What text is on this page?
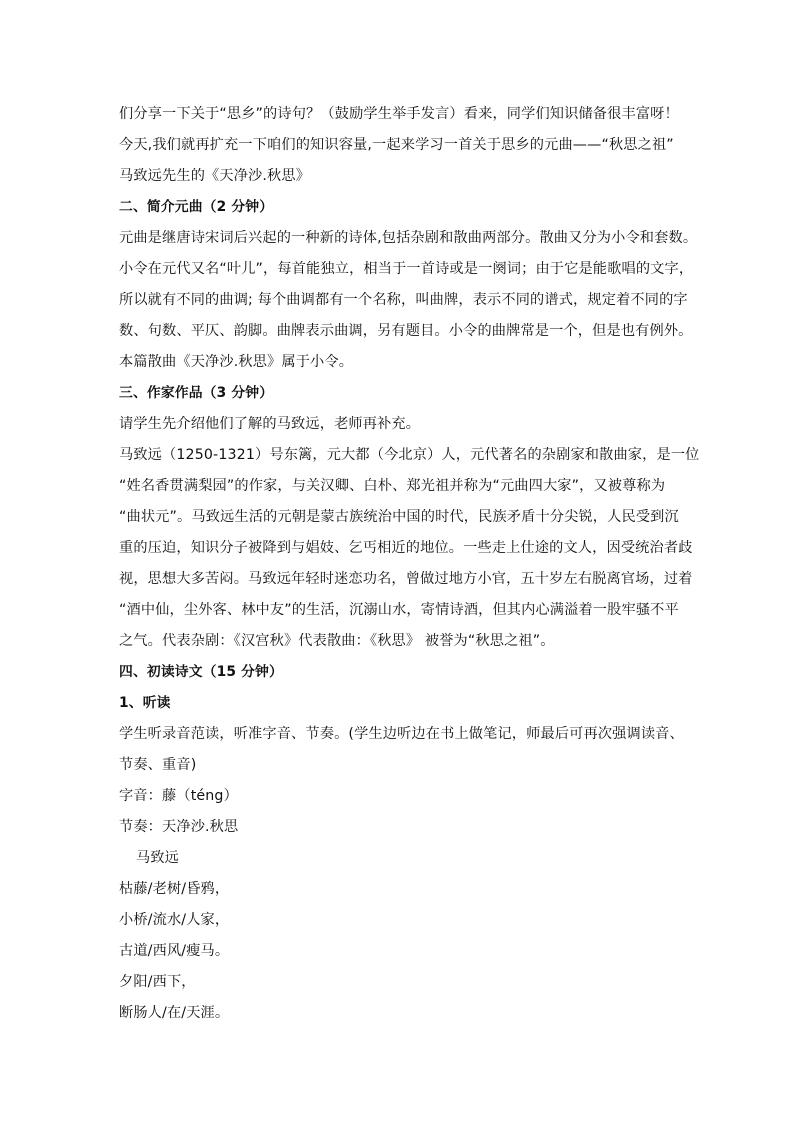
们分享一下关于“思乡”的诗句？（鼓励学生举手发言）看来，同学们知识储备很丰富呀！
今天,我们就再扩充一下咱们的知识容量,一起来学习一首关于思乡的元曲——“秋思之祖”
马致远先生的《天净沙.秋思》
二、简介元曲（2 分钟）
元曲是继唐诗宋词后兴起的一种新的诗体,包括杂剧和散曲两部分。散曲又分为小令和套数。
小令在元代又名“叶儿”，每首能独立，相当于一首诗或是一阕词；由于它是能歌唱的文字，
所以就有不同的曲调; 每个曲调都有一个名称，叫曲牌，表示不同的谱式，规定着不同的字
数、句数、平仄、韵脚。曲牌表示曲调，另有题目。小令的曲牌常是一个，但是也有例外。
本篇散曲《天净沙.秋思》属于小令。
三、作家作品（3 分钟）
请学生先介绍他们了解的马致远，老师再补充。
马致远（1250-1321）号东篱，元大都（今北京）人，元代著名的杂剧家和散曲家，是一位
“姓名香贯满梨园”的作家，与关汉卿、白朴、郑光祖并称为“元曲四大家”，又被尊称为
“曲状元”。马致远生活的元朝是蒙古族统治中国的时代，民族矛盾十分尖锐，人民受到沉
重的压迫，知识分子被降到与娼妓、乞丐相近的地位。一些走上仕途的文人，因受统治者歧
视，思想大多苦闷。马致远年轻时迷恋功名，曾做过地方小官，五十岁左右脱离官场，过着
“酒中仙，尘外客、林中友”的生活，沉溺山水，寄情诗酒，但其内心满溢着一股牢骚不平
之气。代表杂剧：《汉宫秋》代表散曲：《秋思》 被誉为“秋思之祖”。
四、初读诗文（15 分钟）
1、听读
学生听录音范读，听准字音、节奏。(学生边听边在书上做笔记，师最后可再次强调读音、
节奏、重音)
字音：藤（téng）
节奏：天净沙.秋思
马致远
枯藤/老树/昏鸦，
小桥/流水/人家，
古道/西风/瘦马。
夕阳/西下，
断肠人/在/天涯。
